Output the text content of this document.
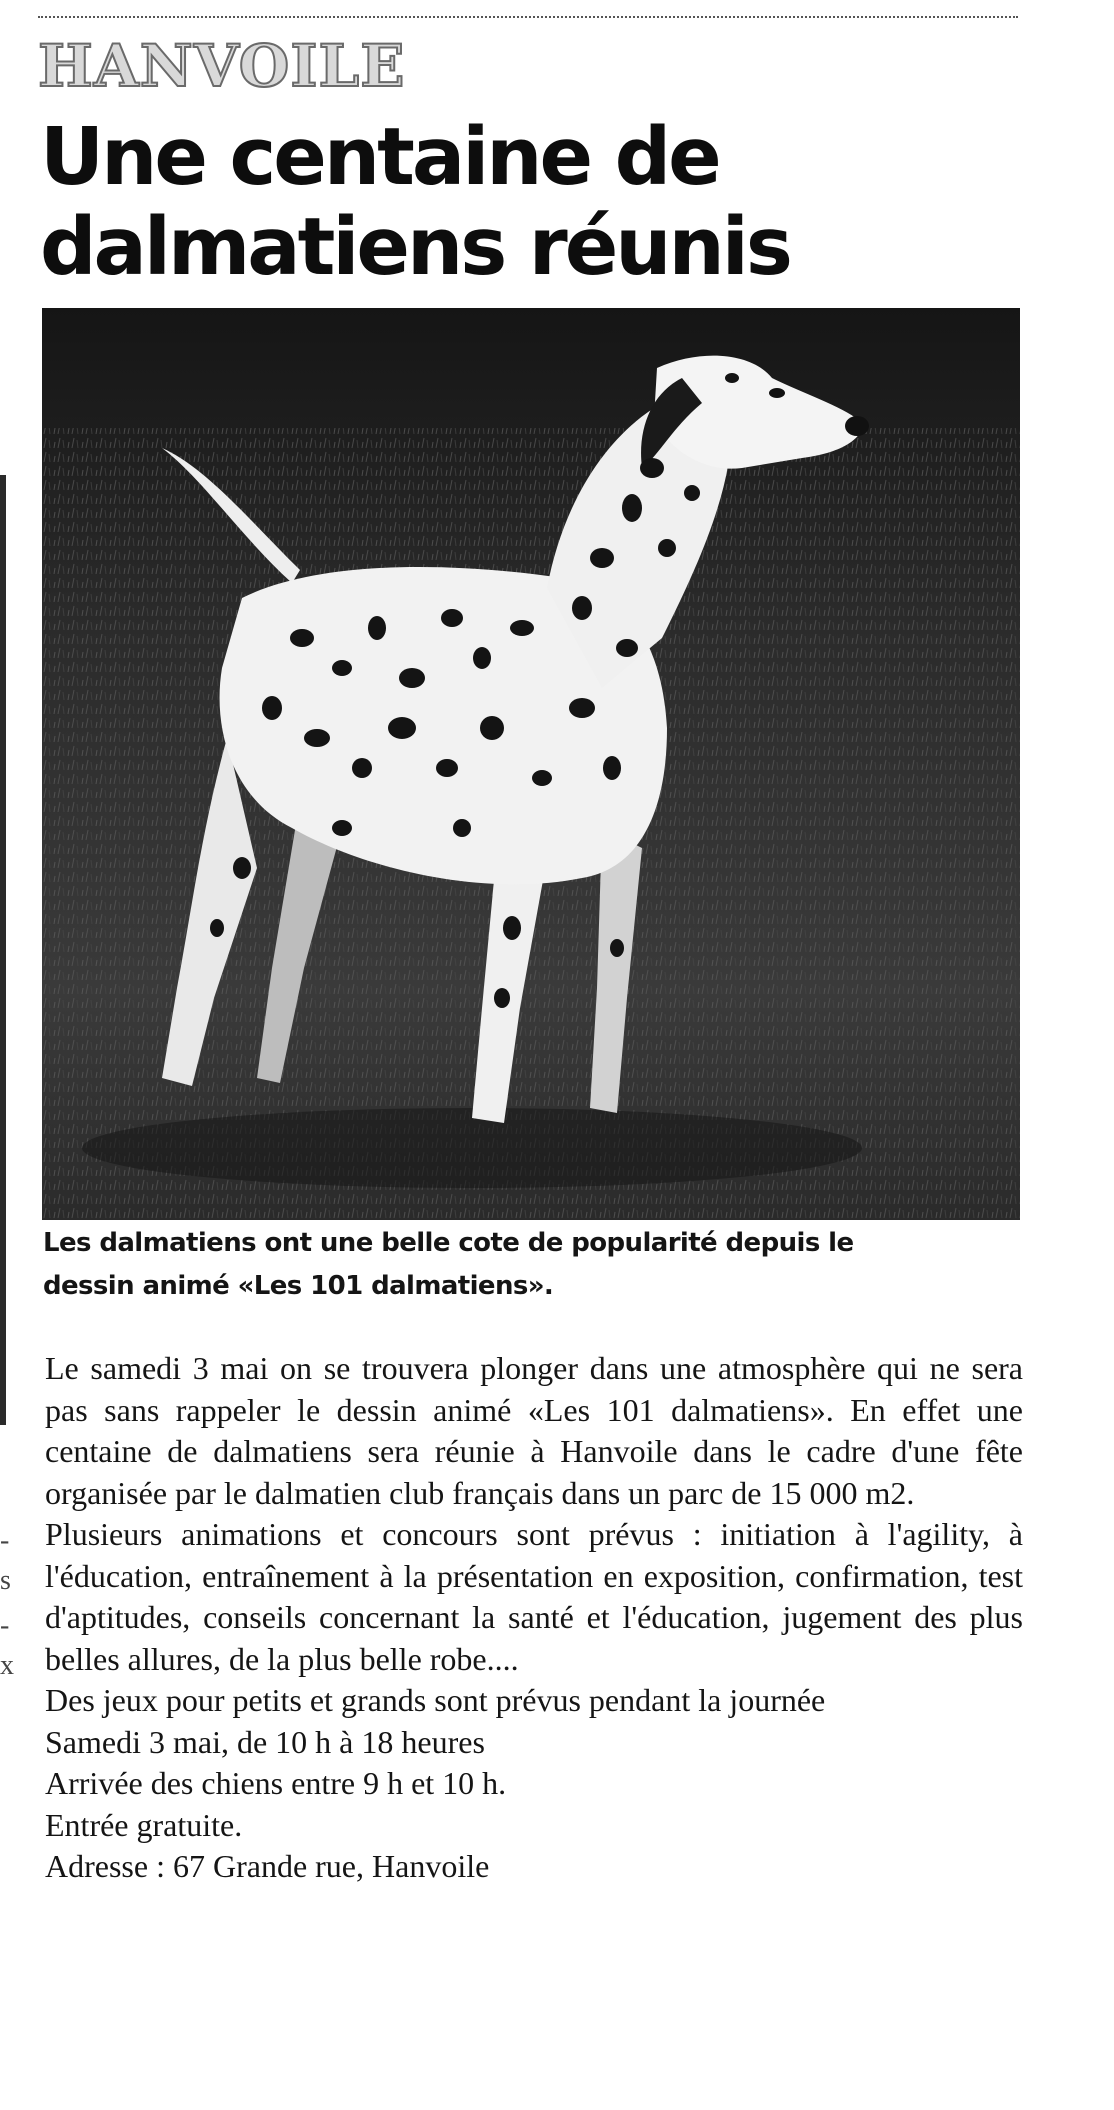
HANVOILE
Une centaine de
dalmatiens réunis
Les dalmatiens ont une belle cote de popularité depuis le
dessin animé «Les 101 dalmatiens».

Le samedi 3 mai on se trouvera plonger dans une atmosphère qui ne sera pas sans rappeler le dessin animé «Les 101 dalmatiens». En effet une centaine de dalmatiens sera réunie à Hanvoile dans le cadre d'une fête organisée par le dalmatien club français dans un parc de 15 000 m2.

Plusieurs animations et concours sont prévus : initiation à l'agility, à l'éducation, entraînement à la présentation en exposition, confirmation, test d'aptitudes, conseils concernant la santé et l'éducation, jugement des plus belles allures, de la plus belle robe....

Des jeux pour petits et grands sont prévus pendant la journée

Samedi 3 mai, de 10 h à 18 heures

Arrivée des chiens entre 9 h et 10 h.

Entrée gratuite.

Adresse : 67 Grande rue, Hanvoile

-
s
-
x
